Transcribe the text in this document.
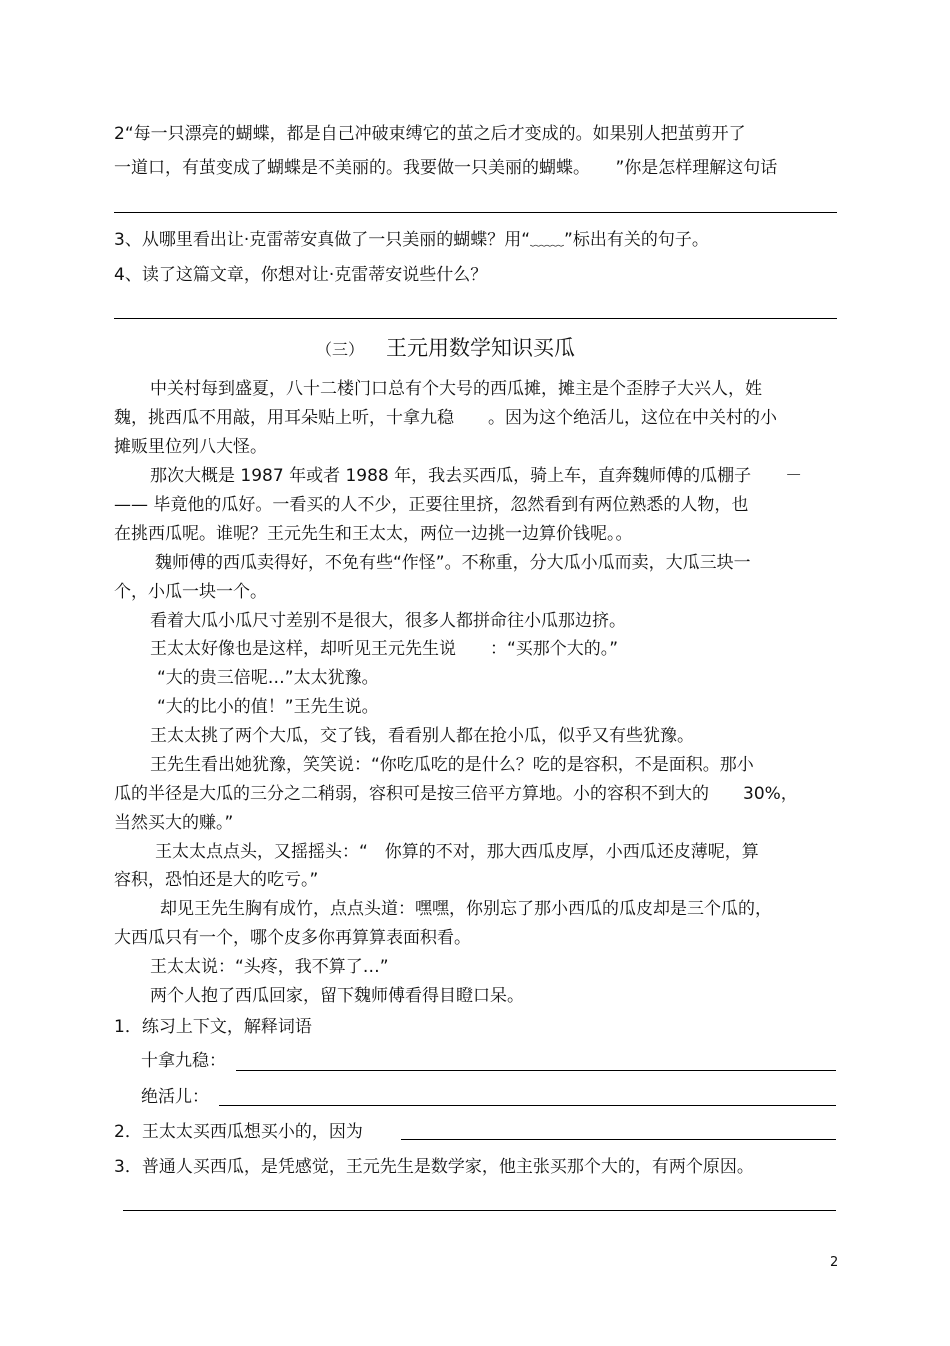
2“每一只漂亮的蝴蝶，都是自己冲破束缚它的茧之后才变成的。如果别人把茧剪开了

一道口，有茧变成了蝴蝶是不美丽的。我要做一只美丽的蝴蝶。　　”你是怎样理解这句话

3、从哪里看出让·克雷蒂安真做了一只美丽的蝴蝶？用“﹏﹏”标出有关的句子。

4、读了这篇文章，你想对让·克雷蒂安说些什么？

（三） 王元用数学知识买瓜

中关村每到盛夏，八十二楼门口总有个大号的西瓜摊，摊主是个歪脖子大兴人，姓

魏，挑西瓜不用敲，用耳朵贴上听，十拿九稳　　。因为这个绝活儿，这位在中关村的小

摊贩里位列八大怪。

那次大概是 1987 年或者 1988 年，我去买西瓜，骑上车，直奔魏师傅的瓜棚子　　－

—— 毕竟他的瓜好。一看买的人不少，正要往里挤，忽然看到有两位熟悉的人物，也

在挑西瓜呢。谁呢？王元先生和王太太，两位一边挑一边算价钱呢。。

魏师傅的西瓜卖得好，不免有些“作怪”。不称重，分大瓜小瓜而卖，大瓜三块一

个，小瓜一块一个。

看着大瓜小瓜尺寸差别不是很大，很多人都拼命往小瓜那边挤。

王太太好像也是这样，却听见王元先生说　　：“买那个大的。”

“大的贵三倍呢…”太太犹豫。

“大的比小的值！”王先生说。

王太太挑了两个大瓜，交了钱，看看别人都在抢小瓜，似乎又有些犹豫。

王先生看出她犹豫，笑笑说：“你吃瓜吃的是什么？吃的是容积，不是面积。那小

瓜的半径是大瓜的三分之二稍弱，容积可是按三倍平方算地。小的容积不到大的　　30%，

当然买大的赚。”

王太太点点头，又摇摇头：“　你算的不对，那大西瓜皮厚，小西瓜还皮薄呢，算

容积，恐怕还是大的吃亏。”

却见王先生胸有成竹，点点头道：嘿嘿，你别忘了那小西瓜的瓜皮却是三个瓜的，

大西瓜只有一个，哪个皮多你再算算表面积看。

王太太说：“头疼，我不算了…”

两个人抱了西瓜回家，留下魏师傅看得目瞪口呆。

1．练习上下文，解释词语

十拿九稳：

绝活儿：

2．王太太买西瓜想买小的，因为

3．普通人买西瓜，是凭感觉，王元先生是数学家，他主张买那个大的，有两个原因。

2
